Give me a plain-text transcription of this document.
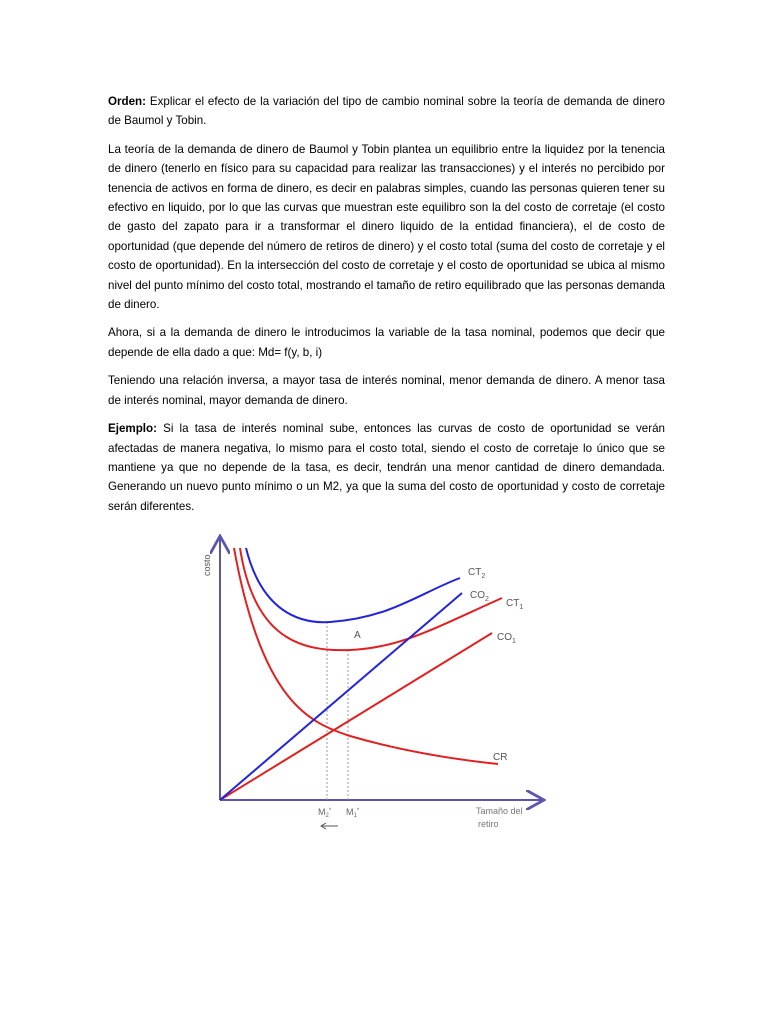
Orden: Explicar el efecto de la variación del tipo de cambio nominal sobre la teoría de demanda de dinero de Baumol y Tobin.

La teoría de la demanda de dinero de Baumol y Tobin plantea un equilibrio entre la liquidez por la tenencia de dinero (tenerlo en físico para su capacidad para realizar las transacciones) y el interés no percibido por tenencia de activos en forma de dinero, es decir en palabras simples, cuando las personas quieren tener su efectivo en liquido, por lo que las curvas que muestran este equilibro son la del costo de corretaje (el costo de gasto del zapato para ir a transformar el dinero liquido de la entidad financiera), el de costo de oportunidad (que depende del número de retiros de dinero) y el costo total (suma del costo de corretaje y el costo de oportunidad). En la intersección del costo de corretaje y el costo de oportunidad se ubica al mismo nivel del punto mínimo del costo total, mostrando el tamaño de retiro equilibrado que las personas demanda de dinero.

Ahora, si a la demanda de dinero le introducimos la variable de la tasa nominal, podemos que decir que depende de ella dado a que: Md= f(y, b, i)

Teniendo una relación inversa, a mayor tasa de interés nominal, menor demanda de dinero. A menor tasa de interés nominal, mayor demanda de dinero.

Ejemplo: Si la tasa de interés nominal sube, entonces las curvas de costo de oportunidad se verán afectadas de manera negativa, lo mismo para el costo total, siendo el costo de corretaje lo único que se mantiene ya que no depende de la tasa, es decir, tendrán una menor cantidad de dinero demandada. Generando un nuevo punto mínimo o un M2, ya que la suma del costo de oportunidad y costo de corretaje serán diferentes.

$CT_2$
$CO_2$ $CT_1$
$CO_1$
CR
A
costo
Tamaño del
retiro
$M_2^*$ $M_1^*$
